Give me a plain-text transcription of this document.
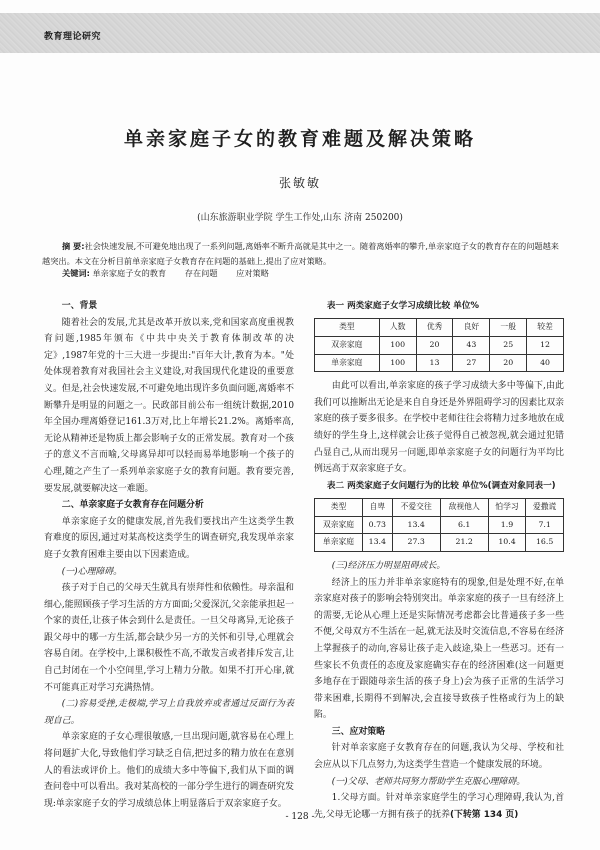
教育理论研究
单亲家庭子女的教育难题及解决策略
张敏敏
(山东旅游职业学院 学生工作处,山东 济南 250200)
摘 要:社会快速发展,不可避免地出现了一系列问题,离婚率不断升高就是其中之一。随着离婚率的攀升,单亲家庭子女的教育存在的问题越来越突出。本文在分析目前单亲家庭子女教育存在问题的基础上,提出了应对策略。
关键词: 单亲家庭子女的教育 存在问题 应对策略
一、背景

随着社会的发展,尤其是改革开放以来,党和国家高度重视教育问题,1985年颁布《中共中央关于教育体制改革的决定》,1987年党的十三大进一步提出:"百年大计,教育为本。"处处体现着教育对我国社会主义建设,对我国现代化建设的重要意义。但是,社会快速发展,不可避免地出现许多负面问题,离婚率不断攀升是明显的问题之一。民政部目前公布一组统计数据,2010年全国办理离婚登记161.3万对,比上年增长21.2%。离婚率高,无论从精神还是物质上都会影响子女的正常发展。教育对一个孩子的意义不言而喻,父母离异却可以轻而易举地影响一个孩子的心理,随之产生了一系列单亲家庭子女的教育问题。教育要完善,要发展,就要解决这一难题。

二、单亲家庭子女教育存在问题分析

单亲家庭子女的健康发展,首先我们要找出产生这类学生教育难度的原因,通过对某高校这类学生的调查研究,我发现单亲家庭子女教育困难主要由以下因素造成。

(一)心理障碍。

孩子对于自己的父母天生就具有崇拜性和依赖性。母亲温和细心,能照顾孩子学习生活的方方面面;父爱深沉,父亲能承担起一个家的责任,让孩子体会到什么是责任。一旦父母离异,无论孩子跟父母中的哪一方生活,都会缺少另一方的关怀和引导,心理就会容易自闭。在学校中,上课积极性不高,不敢发言或者排斥发言,让自己封闭在一个小空间里,学习上精力分散。如果不打开心扉,就不可能真正对学习充满热情。

(二)容易受挫,走极端,学习上自我放弃或者通过反面行为表现自己。

单亲家庭的子女心理很敏感,一旦出现问题,就容易在心理上将问题扩大化,导致他们学习缺乏自信,把过多的精力放在在意别人的看法或评价上。他们的成绩大多中等偏下,我们从下面的调查问卷中可以看出。我对某高校的一部分学生进行的调查研究发现:单亲家庭子女的学习成绩总体上明显落后于双亲家庭子女。

表一 两类家庭子女学习成绩比较 单位%
类型	人数	优秀	良好	一般	较差
双亲家庭	100	20	43	25	12
单亲家庭	100	13	27	20	40

由此可以看出,单亲家庭的孩子学习成绩大多中等偏下,由此我们可以推断出无论是来自自身还是外界阻碍学习的因素比双亲家庭的孩子要多很多。在学校中老师往往会将精力过多地放在成绩好的学生身上,这样就会让孩子觉得自己被忽视,就会通过犯错凸显自己,从而出现另一问题,即单亲家庭子女的问题行为平均比例远高于双亲家庭子女。

表二 两类家庭子女问题行为的比较 单位%(调查对象同表一)
类型	自卑	不爱交往	敌视他人	怕学习	爱撒谎
双亲家庭	0.73	13.4	6.1	1.9	7.1
单亲家庭	13.4	27.3	21.2	10.4	16.5
(三)经济压力明显阻碍成长。

经济上的压力并非单亲家庭特有的现象,但是处理不好,在单亲家庭对孩子的影响会特别突出。单亲家庭的孩子一旦有经济上的需要,无论从心理上还是实际情况考虑都会比普通孩子多一些不便,父母双方不生活在一起,就无法及时交流信息,不容易在经济上掌握孩子的动向,容易让孩子走入歧途,染上一些恶习。还有一些家长不负责任的态度及家庭确实存在的经济困难(这一问题更多地存在于跟随母亲生活的孩子身上)会为孩子正常的生活学习带来困难,长期得不到解决,会直接导致孩子性格或行为上的缺陷。

三、应对策略

针对单亲家庭子女教育存在的问题,我认为父母、学校和社会应从以下几点努力,为这类学生营造一个健康发展的环境。

(一)父母、老师共同努力帮助学生克服心理障碍。

1.父母方面。针对单亲家庭学生的学习心理障碍,我认为,首先,父母无论哪一方拥有孩子的抚养(下转第 134 页)

- 128 -
